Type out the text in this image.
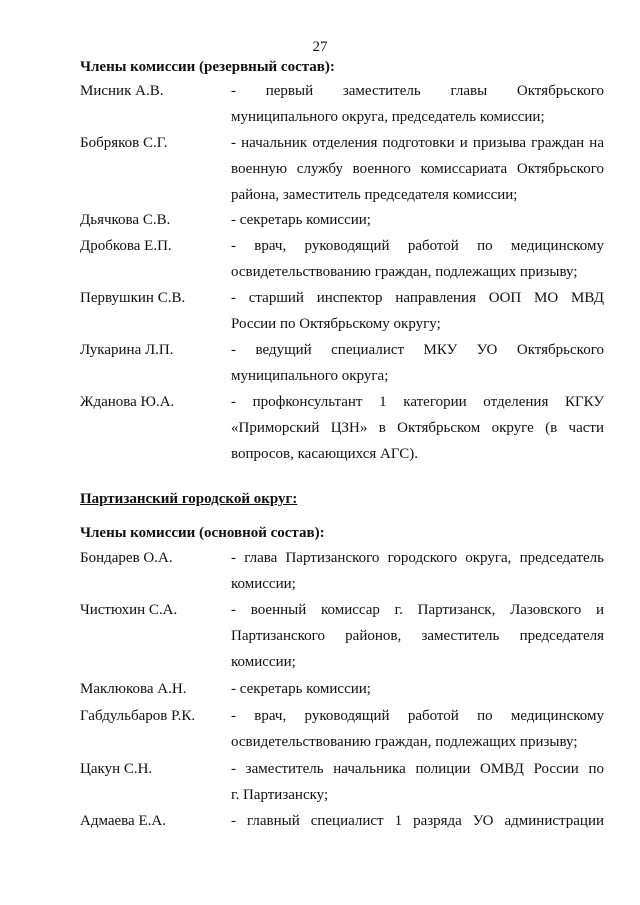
27
Члены комиссии (резервный состав):
Мисник А.В.	- первый заместитель главы Октябрьского
муниципального округа, председатель комиссии;
Бобряков С.Г.	- начальник отделения подготовки и призыва граждан на
военную службу военного комиссариата Октябрьского
района, заместитель председателя комиссии;
Дьячкова С.В.	- секретарь комиссии;
Дробкова Е.П.	- врач, руководящий работой по медицинскому
освидетельствованию граждан, подлежащих призыву;
Первушкин С.В.	- старший инспектор направления ООП МО МВД
России по Октябрьскому округу;
Лукарина Л.П.	- ведущий специалист МКУ УО Октябрьского
муниципального округа;
Жданова Ю.А.	- профконсультант 1 категории отделения КГКУ
«Приморский ЦЗН» в Октябрьском округе (в части
вопросов, касающихся АГС).
Партизанский городской округ:
Члены комиссии (основной состав):
Бондарев О.А.	- глава Партизанского городского округа, председатель
комиссии;
Чистюхин С.А.	- военный комиссар г. Партизанск, Лазовского и
Партизанского районов, заместитель председателя
комиссии;
Маклюкова А.Н.	- секретарь комиссии;
Габдульбаров Р.К.	- врач, руководящий работой по медицинскому
освидетельствованию граждан, подлежащих призыву;
Цакун С.Н.	- заместитель начальника полиции ОМВД России по
г. Партизанску;
Адмаева Е.А.	- главный специалист 1 разряда УО администрации
